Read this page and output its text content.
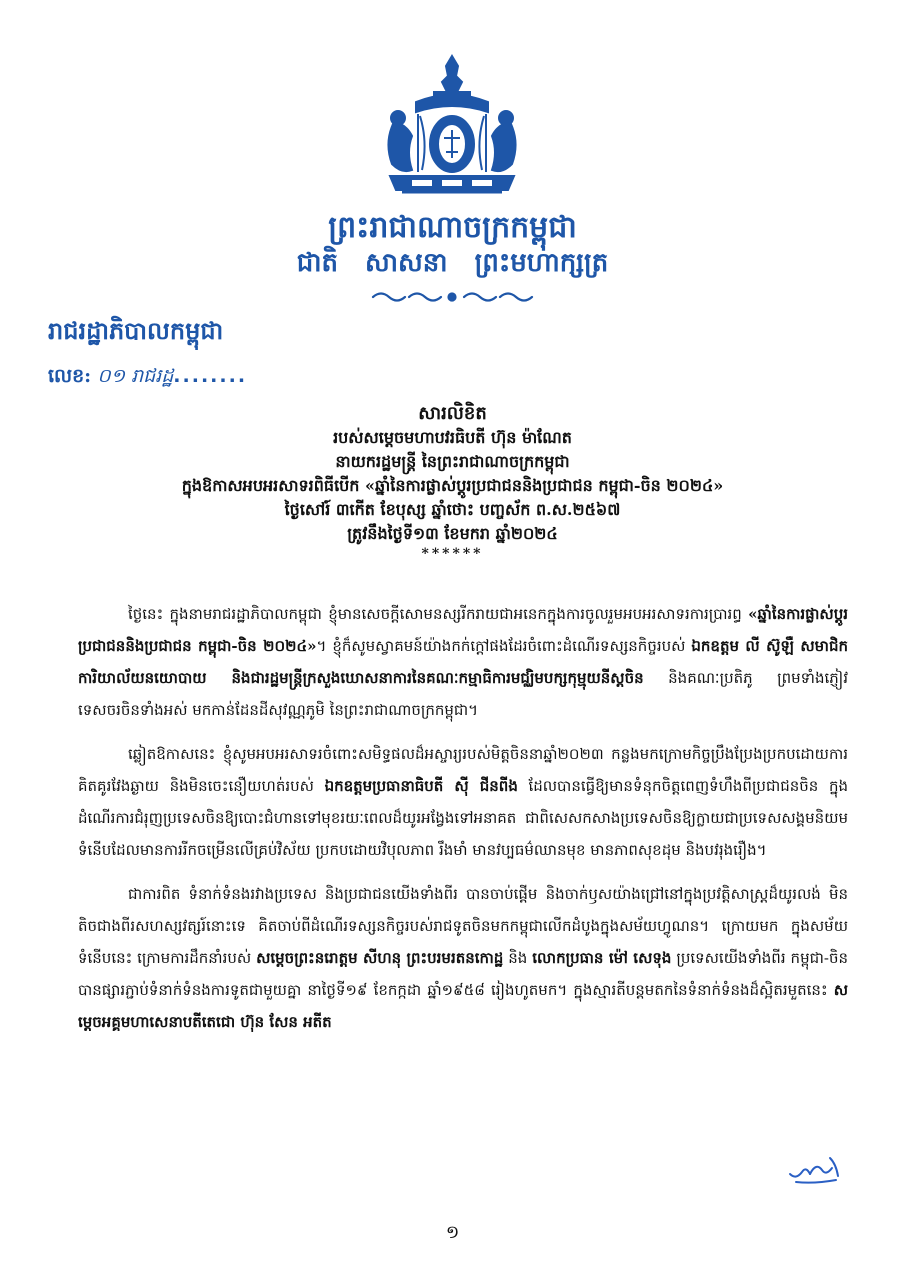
ព្រះរាជាណាចក្រកម្ពុជា
ជាតិ សាសនា ព្រះមហាក្សត្រ
រាជរដ្ឋាភិបាលកម្ពុជា
លេខ: ០១ រាជរដ្ឋ........
សារលិខិត
របស់សម្តេចមហាបវរធិបតី ហ៊ុន ម៉ាណែត
នាយករដ្ឋមន្ត្រី នៃព្រះរាជាណាចក្រកម្ពុជា
ក្នុងឱកាសអបអរសាទរពិធីបើក «ឆ្នាំនៃការផ្លាស់ប្តូរប្រជាជននិងប្រជាជន កម្ពុជា-ចិន ២០២៤»
ថ្ងៃសៅរ៍ ៣កើត ខែបុស្ស ឆ្នាំថោះ បញ្ចស័ក ព.ស.២៥៦៧
ត្រូវនឹងថ្ងៃទី១៣ ខែមករា ឆ្នាំ២០២៤
******

ថ្ងៃនេះ ក្នុងនាមរាជរដ្ឋាភិបាលកម្ពុជា ខ្ញុំមានសេចក្តីសោមនស្សរីករាយជាអនេកក្នុងការចូលរួមអបអរសាទរការប្រារព្ធ «ឆ្នាំនៃការផ្លាស់ប្តូរប្រជាជននិងប្រជាជន កម្ពុជា-ចិន ២០២៤»។ ខ្ញុំក៏សូមស្វាគមន៍យ៉ាងកក់ក្តៅផងដែរចំពោះដំណើរទស្សនកិច្ចរបស់ ឯកឧត្តម លី ស៊ូឡឺ សមាជិកការិយាល័យនយោបាយ និងជារដ្ឋមន្ត្រីក្រសួងឃោសនាការនៃគណៈកម្មាធិការមជ្ឈិមបក្សកុម្មុយនីស្តចិន និងគណៈប្រតិភូ ព្រមទាំងភ្ញៀវទេសចរចិនទាំងអស់ មកកាន់ដែនដីសុវណ្ណភូមិ នៃព្រះរាជាណាចក្រកម្ពុជា។

ឆ្លៀតឱកាសនេះ ខ្ញុំសូមអបអរសាទរចំពោះសមិទ្ធផលដ៏អស្ចារ្យរបស់មិត្តចិននាឆ្នាំ២០២៣ កន្លងមកក្រោមកិច្ចប្រឹងប្រែងប្រកបដោយការគិតគូរវែងឆ្ងាយ និងមិនចេះនឿយហត់របស់ ឯកឧត្តមប្រធានាធិបតី ស៊ី ជីនពីង ដែលបានធ្វើឱ្យមានទំនុកចិត្តពេញទំហឹងពីប្រជាជនចិន ក្នុងដំណើរការជំរុញប្រទេសចិនឱ្យបោះជំហានទៅមុខរយៈពេលដ៏យូរអង្វែងទៅអនាគត ជាពិសេសកសាងប្រទេសចិនឱ្យក្លាយជាប្រទេសសង្គមនិយមទំនើបដែលមានការរីកចម្រើនលើគ្រប់វិស័យ ប្រកបដោយវិបុលភាព រឹងមាំ មានវប្បធម៌ឈានមុខ មានភាពសុខដុម និងបវរុងរឿង។

ជាការពិត ទំនាក់ទំនងរវាងប្រទេស និងប្រជាជនយើងទាំងពីរ បានចាប់ផ្តើម និងចាក់ឫសយ៉ាងជ្រៅនៅក្នុងប្រវត្តិសាស្ត្រដ៏យូរលង់ មិនតិចជាងពីរសហស្សវត្សរ៍នោះទេ គិតចាប់ពីដំណើរទស្សនកិច្ចរបស់រាជទូតចិនមកកម្ពុជាលើកដំបូងក្នុងសម័យហ្វូណន។ ក្រោយមក ក្នុងសម័យទំនើបនេះ ក្រោមការដឹកនាំរបស់ សម្តេចព្រះនរោត្តម សីហនុ ព្រះបរមរតនកោដ្ឋ និង លោកប្រធាន ម៉ៅ សេទុង ប្រទេសយើងទាំងពីរ កម្ពុជា-ចិន បានផ្សារភ្ជាប់ទំនាក់ទំនងការទូតជាមួយគ្នា នាថ្ងៃទី១៩ ខែកក្កដា ឆ្នាំ១៩៥៨ រៀងហូតមក។ ក្នុងស្មារតីបន្តមតកនៃទំនាក់ទំនងដ៏ស្អិតរមួតនេះ សម្តេចអគ្គមហាសេនាបតីតេជោ ហ៊ុន សែន អតីត

១
